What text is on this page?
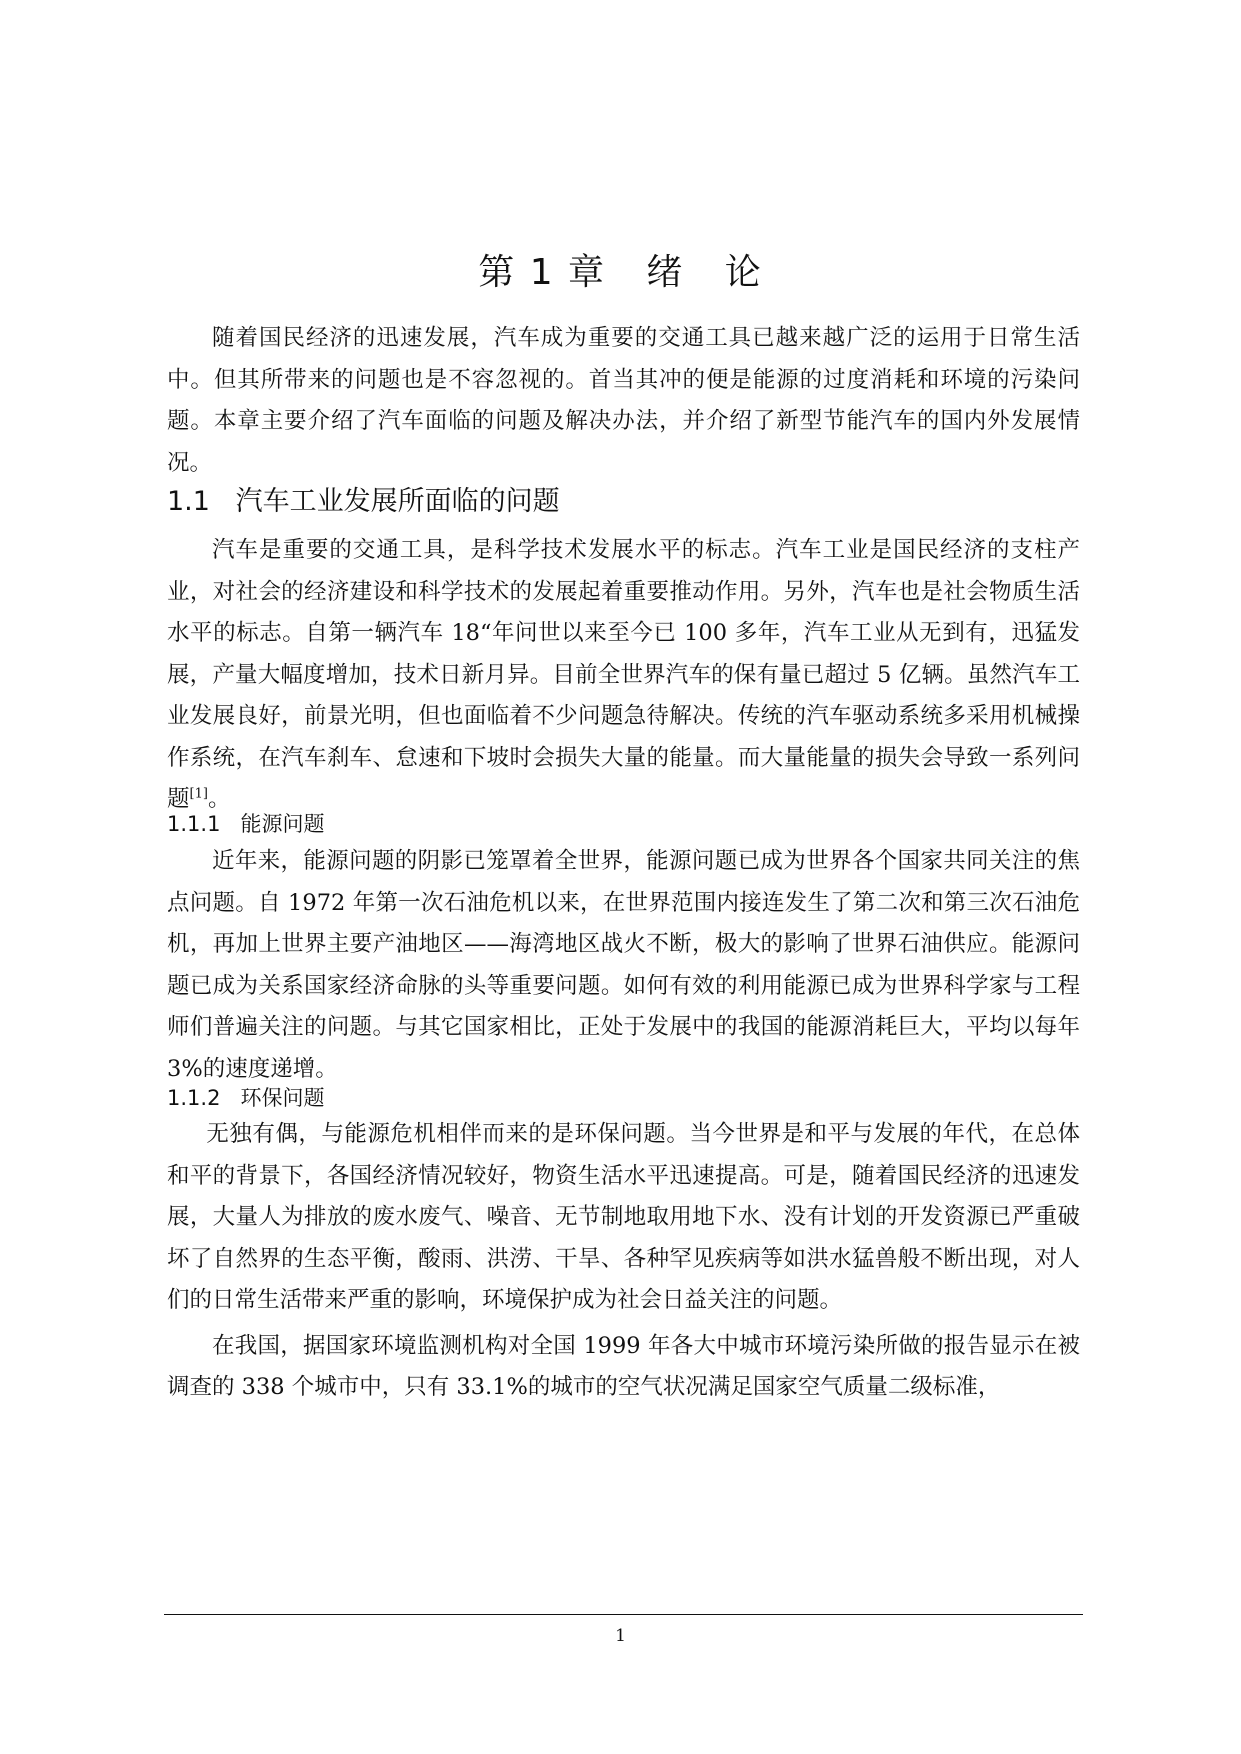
第 1 章   绪   论

随着国民经济的迅速发展，汽车成为重要的交通工具已越来越广泛的运用于日常生活中。但其所带来的问题也是不容忽视的。首当其冲的便是能源的过度消耗和环境的污染问题。本章主要介绍了汽车面临的问题及解决办法，并介绍了新型节能汽车的国内外发展情况。

1.1   汽车工业发展所面临的问题

汽车是重要的交通工具，是科学技术发展水平的标志。汽车工业是国民经济的支柱产业，对社会的经济建设和科学技术的发展起着重要推动作用。另外，汽车也是社会物质生活水平的标志。自第一辆汽车 18“年问世以来至今已 100 多年，汽车工业从无到有，迅猛发展，产量大幅度增加，技术日新月异。目前全世界汽车的保有量已超过 5 亿辆。虽然汽车工业发展良好，前景光明，但也面临着不少问题急待解决。传统的汽车驱动系统多采用机械操作系统，在汽车刹车、怠速和下坡时会损失大量的能量。而大量能量的损失会导致一系列问题[1]。

1.1.1   能源问题

近年来，能源问题的阴影已笼罩着全世界，能源问题已成为世界各个国家共同关注的焦点问题。自 1972 年第一次石油危机以来，在世界范围内接连发生了第二次和第三次石油危机，再加上世界主要产油地区——海湾地区战火不断，极大的影响了世界石油供应。能源问题已成为关系国家经济命脉的头等重要问题。如何有效的利用能源已成为世界科学家与工程师们普遍关注的问题。与其它国家相比，正处于发展中的我国的能源消耗巨大，平均以每年 3%的速度递增。

1.1.2   环保问题

无独有偶，与能源危机相伴而来的是环保问题。当今世界是和平与发展的年代，在总体和平的背景下，各国经济情况较好，物资生活水平迅速提高。可是，随着国民经济的迅速发展，大量人为排放的废水废气、噪音、无节制地取用地下水、没有计划的开发资源已严重破坏了自然界的生态平衡，酸雨、洪涝、干旱、各种罕见疾病等如洪水猛兽般不断出现，对人们的日常生活带来严重的影响，环境保护成为社会日益关注的问题。

在我国，据国家环境监测机构对全国 1999 年各大中城市环境污染所做的报告显示在被调查的 338 个城市中，只有 33.1%的城市的空气状况满足国家空气质量二级标准，

1
